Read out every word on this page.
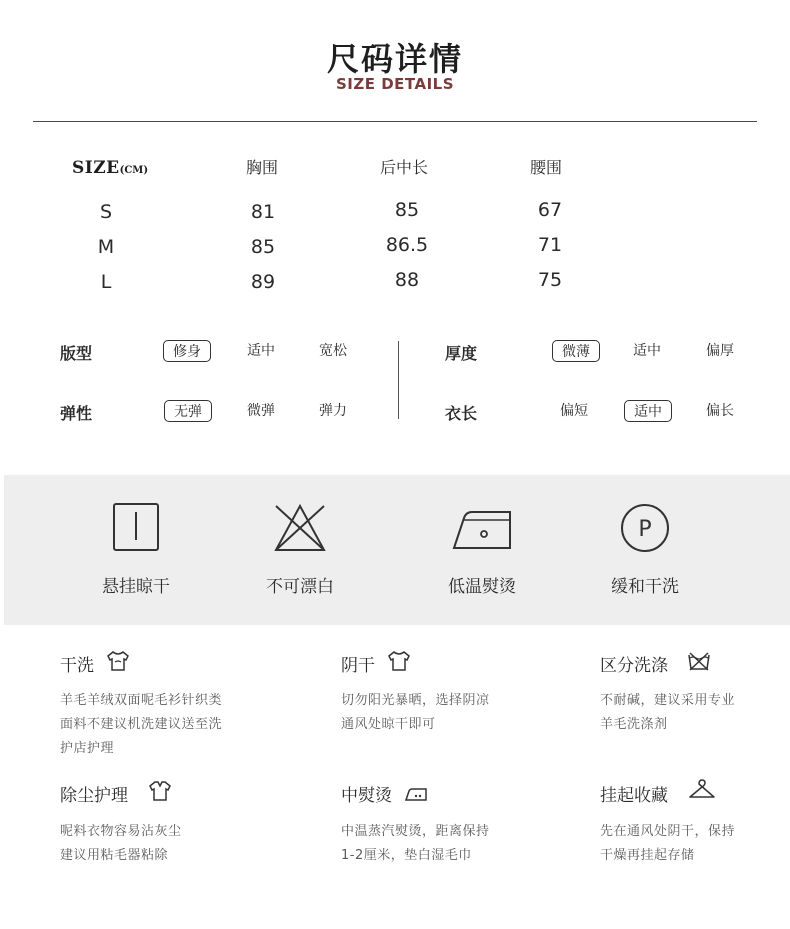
尺码详情
SIZE DETAILS
SIZE(CM)	胸围	后中长	腰围
S	81	85	67
M	85	86.5	71
L	89	88	75
版型	修身	适中	宽松
弹性	无弹	微弹	弹力
厚度	微薄	适中	偏厚
衣长	偏短	适中	偏长
悬挂晾干	不可漂白	低温熨烫
P
缓和干洗
干洗
羊毛羊绒双面呢毛衫针织类
面料不建议机洗建议送至洗
护店护理
阴干
切勿阳光暴晒，选择阴凉
通风处晾干即可
区分洗涤
不耐碱，建议采用专业
羊毛洗涤剂
除尘护理
呢料衣物容易沾灰尘
建议用粘毛器粘除
中熨烫
中温蒸汽熨烫，距离保持
1-2厘米，垫白湿毛巾
挂起收藏
先在通风处阴干，保持
干燥再挂起存储
